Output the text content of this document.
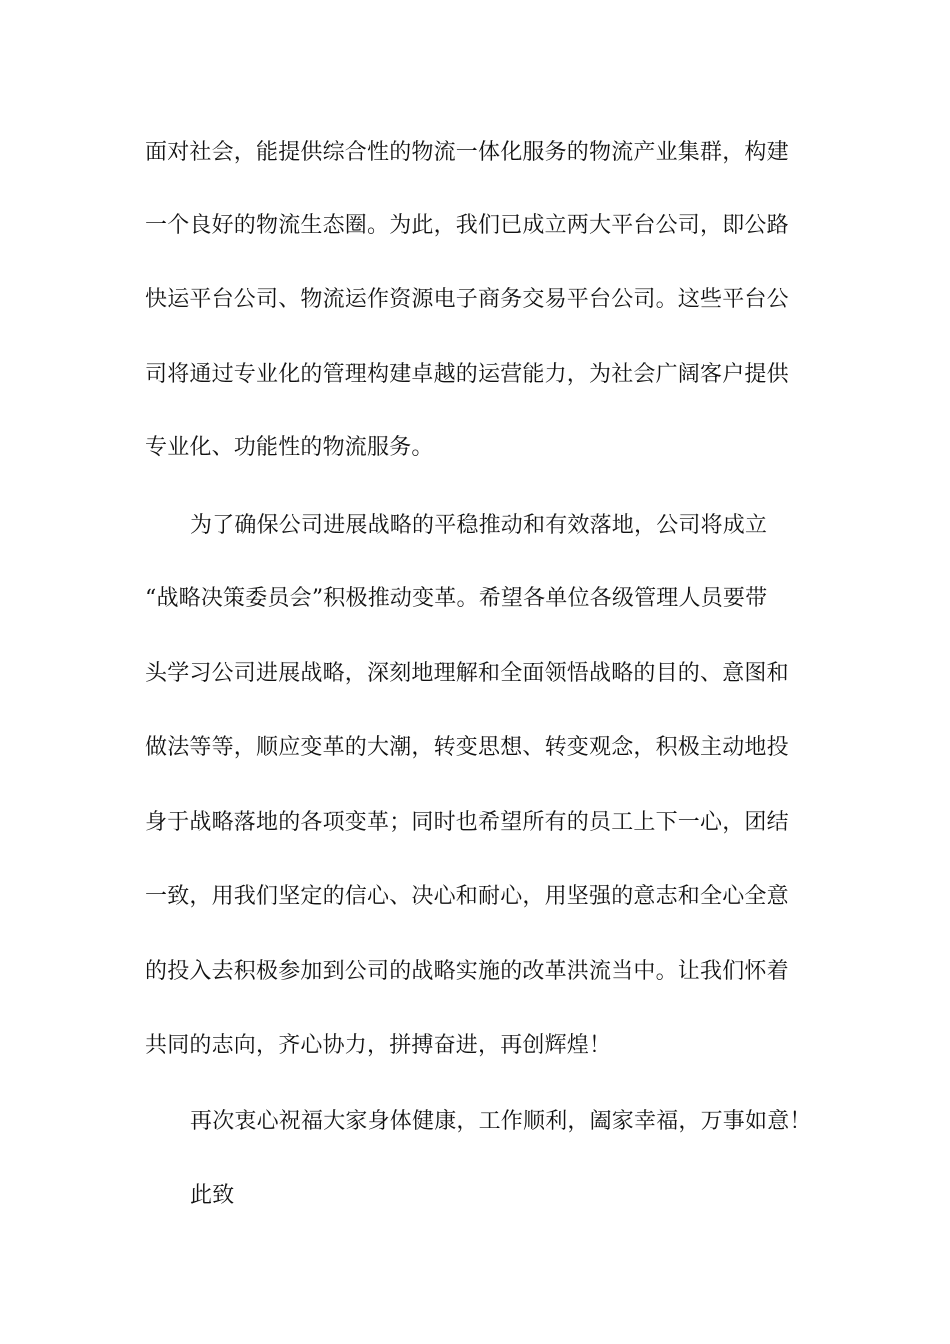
面对社会，能提供综合性的物流一体化服务的物流产业集群，构建
一个良好的物流生态圈。为此，我们已成立两大平台公司，即公路
快运平台公司、物流运作资源电子商务交易平台公司。这些平台公
司将通过专业化的管理构建卓越的运营能力，为社会广阔客户提供
专业化、功能性的物流服务。
为了确保公司进展战略的平稳推动和有效落地，公司将成立
“战略决策委员会”积极推动变革。希望各单位各级管理人员要带
头学习公司进展战略，深刻地理解和全面领悟战略的目的、意图和
做法等等，顺应变革的大潮，转变思想、转变观念，积极主动地投
身于战略落地的各项变革；同时也希望所有的员工上下一心，团结
一致，用我们坚定的信心、决心和耐心，用坚强的意志和全心全意
的投入去积极参加到公司的战略实施的改革洪流当中。让我们怀着
共同的志向，齐心协力，拼搏奋进，再创辉煌！
再次衷心祝福大家身体健康，工作顺利，阖家幸福，万事如意！
此致
